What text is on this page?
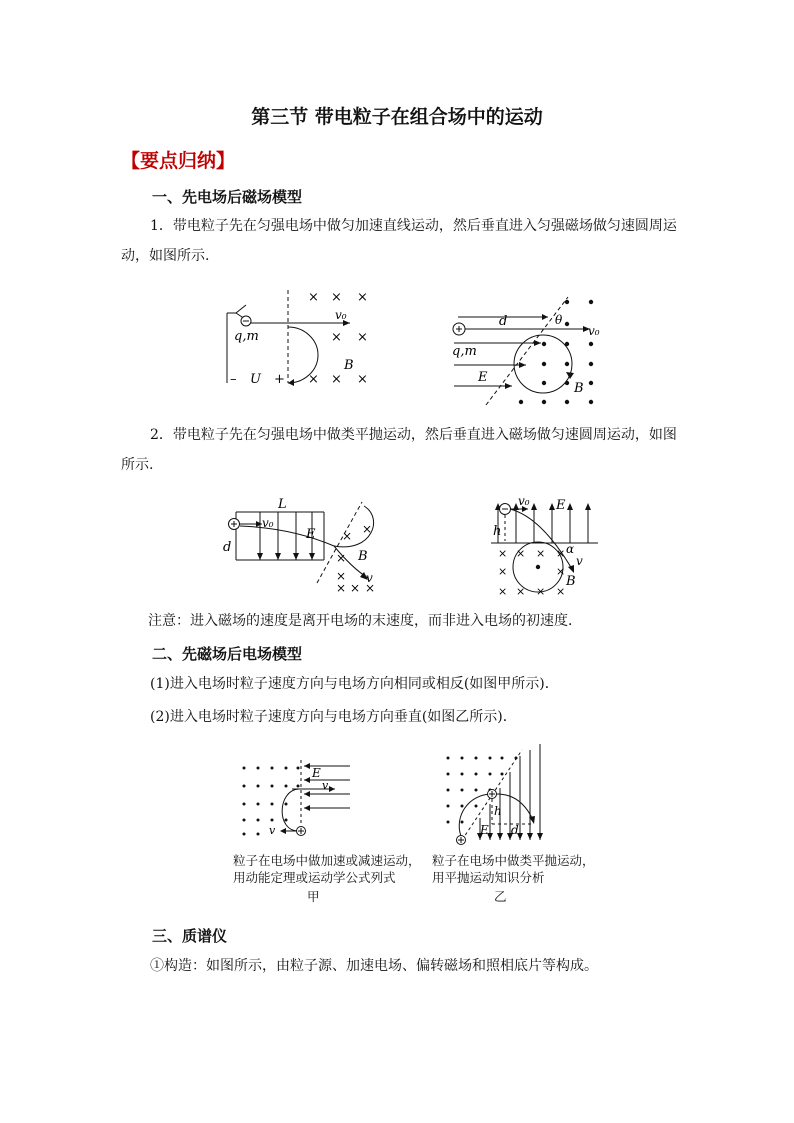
第三节 带电粒子在组合场中的运动
【要点归纳】
一、先电场后磁场模型
1．带电粒子先在匀强电场中做匀加速直线运动，然后垂直进入匀强磁场做匀速圆周运
动，如图所示.
× × ×
× ×
× × ×
v₀
q,m
B
– U +
d	θ
v₀
q,m
E
B
2．带电粒子先在匀强电场中做类平抛运动，然后垂直进入磁场做匀速圆周运动，如图
所示.
× ×
×
×
× ×
×
L
v₀
E
d
B
v
× × × ×
×	×
× × × ×
v₀ E
h
α
v
B
注意：进入磁场的速度是离开电场的末速度，而非进入电场的初速度．
二、先磁场后电场模型
(1)进入电场时粒子速度方向与电场方向相同或相反(如图甲所示)．
(2)进入电场时粒子速度方向与电场方向垂直(如图乙所示)．
E
v
v
粒子在电场中做加速或减速运动，
用动能定理或运动学公式列式
甲
h
d
E
粒子在电场中做类平抛运动，
用平抛运动知识分析
乙
三、质谱仪
①构造：如图所示，由粒子源、加速电场、偏转磁场和照相底片等构成。
